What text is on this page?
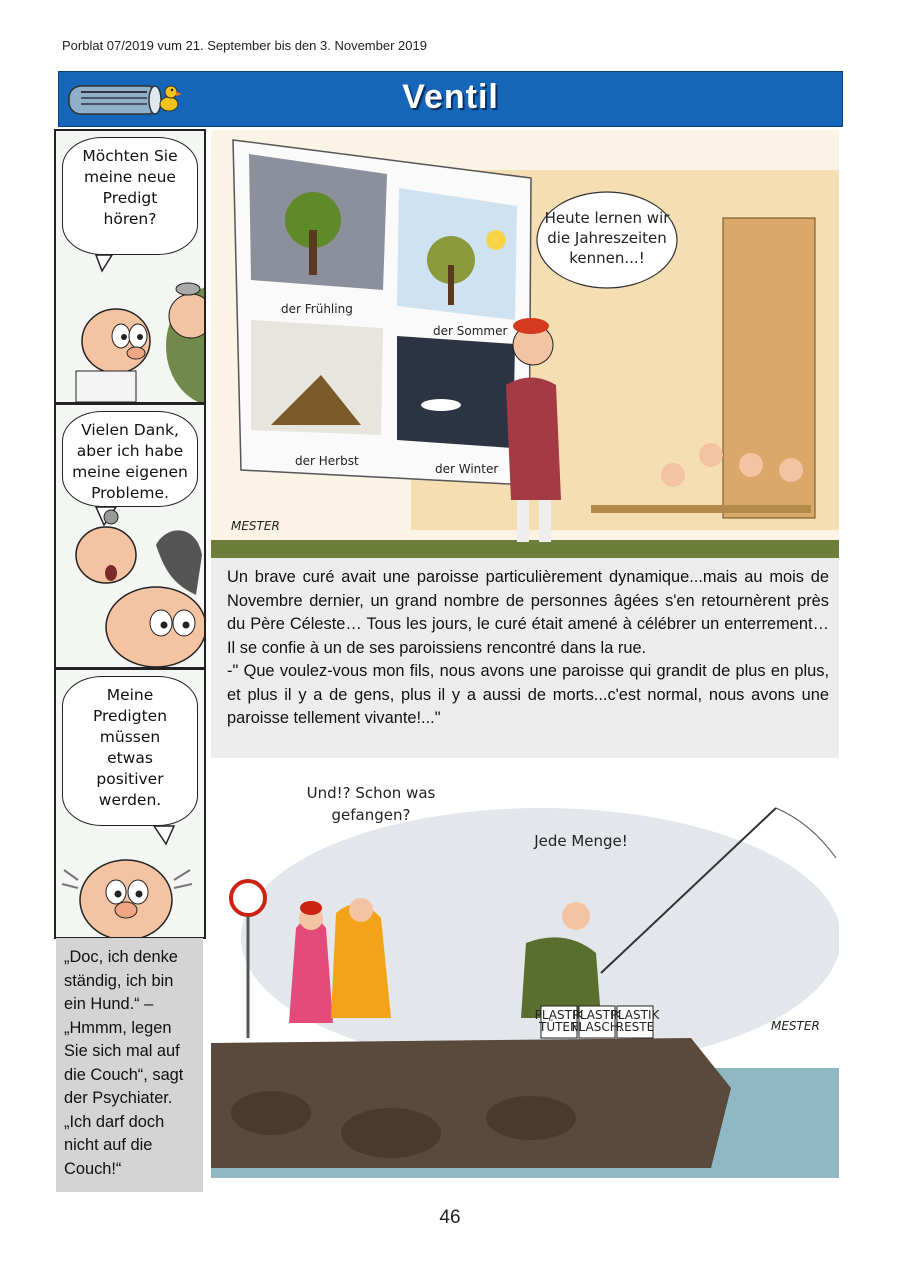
Porblat 07/2019 vum 21. September bis den 3. November 2019
Ventil
Möchten Sie
meine neue
Predigt
hören?
Vielen Dank,
aber ich habe
meine eigenen
Probleme.
Meine
Predigten
müssen
etwas
positiver
werden.
der Frühling
der Sommer
der Herbst
der Winter
Heute lernen wir
die Jahreszeiten
kennen...!
MESTER
Un brave curé avait une paroisse particulièrement dynamique...mais au mois de Novembre dernier, un grand nombre de personnes âgées s'en retournèrent près du Père Céleste… Tous les jours, le curé était amené à célébrer un enterrement… Il se confie à un de ses paroissiens rencontré dans la rue.
-" Que voulez-vous mon fils, nous avons une paroisse qui grandit de plus en plus, et plus il y a de gens, plus il y a aussi de morts...c'est normal, nous avons une paroisse tellement vivante!..."
Und!? Schon was
gefangen?
Jede Menge!
PLASTIK
TÜTEN
PLASTIK
FLASCH.
PLASTIK
RESTE	MESTER
„Doc, ich denke ständig, ich bin ein Hund.“ – „Hmmm, legen Sie sich mal auf die Couch“, sagt der Psychiater. „Ich darf doch nicht auf die Couch!“
46
